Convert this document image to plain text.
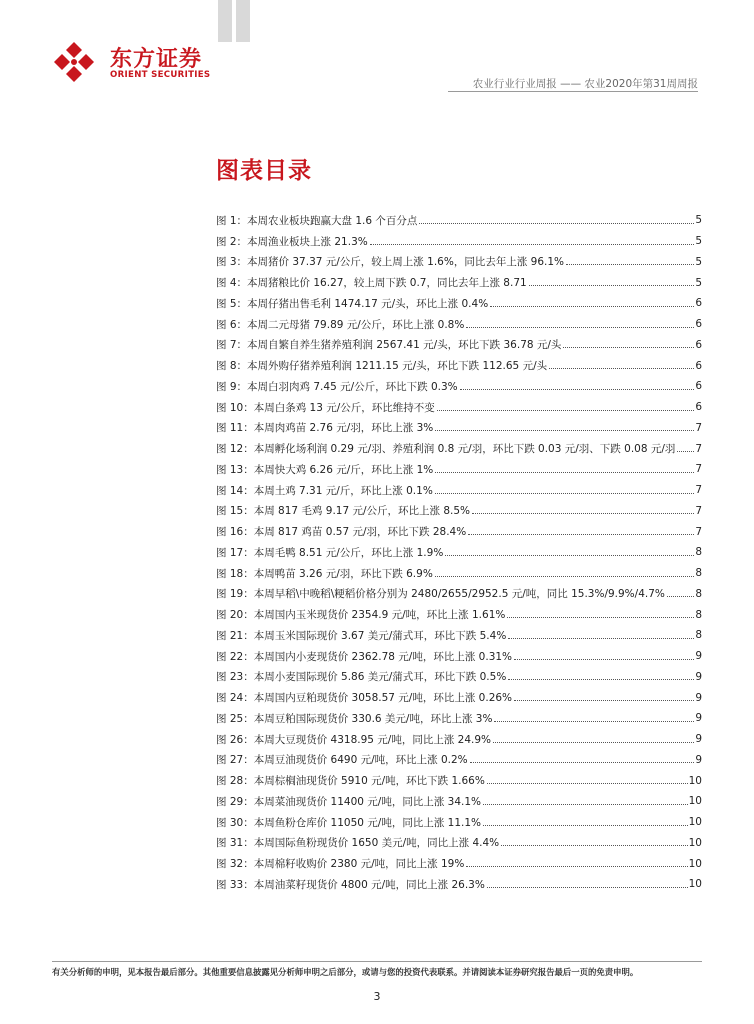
东方证券
ORIENT SECURITIES
农业行业行业周报 —— 农业2020年第31周周报
图表目录
图 1 ： 本周农业板块跑赢大盘 1.6 个百分点	5
图 2 ： 本周渔业板块上涨 21.3%	5
图 3 ： 本周猪价 37.37 元/公斤，较上周上涨 1.6%，同比去年上涨 96.1%	5
图 4 ： 本周猪粮比价 16.27，较上周下跌 0.7，同比去年上涨 8.71	5
图 5 ： 本周仔猪出售毛利 1474.17 元/头，环比上涨 0.4%	6
图 6 ： 本周二元母猪 79.89 元/公斤，环比上涨 0.8%	6
图 7 ： 本周自繁自养生猪养殖利润 2567.41 元/头，环比下跌 36.78 元/头	6
图 8 ： 本周外购仔猪养殖利润 1211.15 元/头，环比下跌 112.65 元/头	6
图 9 ： 本周白羽肉鸡 7.45 元/公斤，环比下跌 0.3%	6
图 10 ： 本周白条鸡 13 元/公斤，环比维持不变	6
图 11 ： 本周肉鸡苗 2.76 元/羽，环比上涨 3%	7
图 12 ： 本周孵化场利润 0.29 元/羽、养殖利润 0.8 元/羽，环比下跌 0.03 元/羽、下跌 0.08 元/羽 7
图 13 ： 本周快大鸡 6.26 元/斤，环比上涨 1%	7
图 14 ： 本周土鸡 7.31 元/斤，环比上涨 0.1%	7
图 15 ： 本周 817 毛鸡 9.17 元/公斤，环比上涨 8.5%	7
图 16 ： 本周 817 鸡苗 0.57 元/羽，环比下跌 28.4%	7
图 17 ： 本周毛鸭 8.51 元/公斤，环比上涨 1.9%	8
图 18 ： 本周鸭苗 3.26 元/羽，环比下跌 6.9%	8
图 19 ： 本周早稻\中晚稻\粳稻价格分别为 2480/2655/2952.5 元/吨，同比 15.3%/9.9%/4.7%	8
图 20 ： 本周国内玉米现货价 2354.9 元/吨，环比上涨 1.61%	8
图 21 ： 本周玉米国际现价 3.67 美元/蒲式耳，环比下跌 5.4%	8
图 22 ： 本周国内小麦现货价 2362.78 元/吨，环比上涨 0.31%	9
图 23 ： 本周小麦国际现价 5.86 美元/蒲式耳，环比下跌 0.5%	9
图 24 ： 本周国内豆粕现货价 3058.57 元/吨，环比上涨 0.26%	9
图 25 ： 本周豆粕国际现货价 330.6 美元/吨，环比上涨 3%	9
图 26 ： 本周大豆现货价 4318.95 元/吨，同比上涨 24.9%	9
图 27 ： 本周豆油现货价 6490 元/吨，环比上涨 0.2%	9
图 28 ： 本周棕榈油现货价 5910 元/吨，环比下跌 1.66%	10
图 29 ： 本周菜油现货价 11400 元/吨，同比上涨 34.1%	10
图 30 ： 本周鱼粉仓库价 11050 元/吨，同比上涨 11.1%	10
图 31 ： 本周国际鱼粉现货价 1650 美元/吨，同比上涨 4.4%	10
图 32 ： 本周棉籽收购价 2380 元/吨，同比上涨 19%	10
图 33 ： 本周油菜籽现货价 4800 元/吨，同比上涨 26.3%	10
有关分析师的申明，见本报告最后部分。其他重要信息披露见分析师申明之后部分，或请与您的投资代表联系。并请阅读本证券研究报告最后一页的免责申明。
3
